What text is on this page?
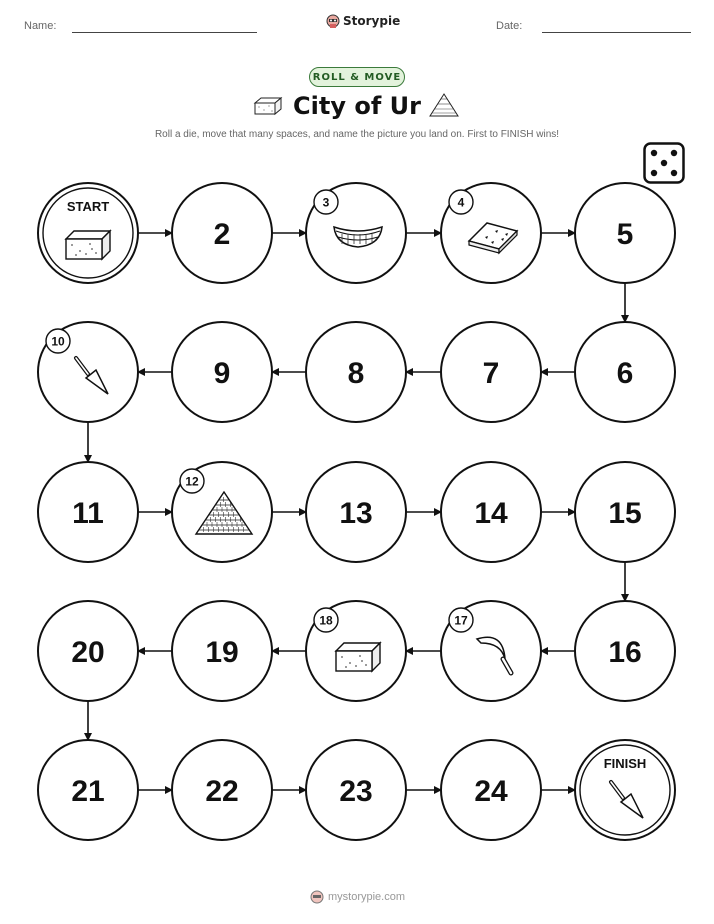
Name:	Storypie	Date:
ROLL & MOVE
City of Ur
Roll a die, move that many spaces, and name the picture you land on. First to FINISH wins!
START
2
3	4
5
6
7
8
9
10
11
12
13	14	15
16
17
18
19
20
21	22	23	24
FINISH
mystorypie.com
